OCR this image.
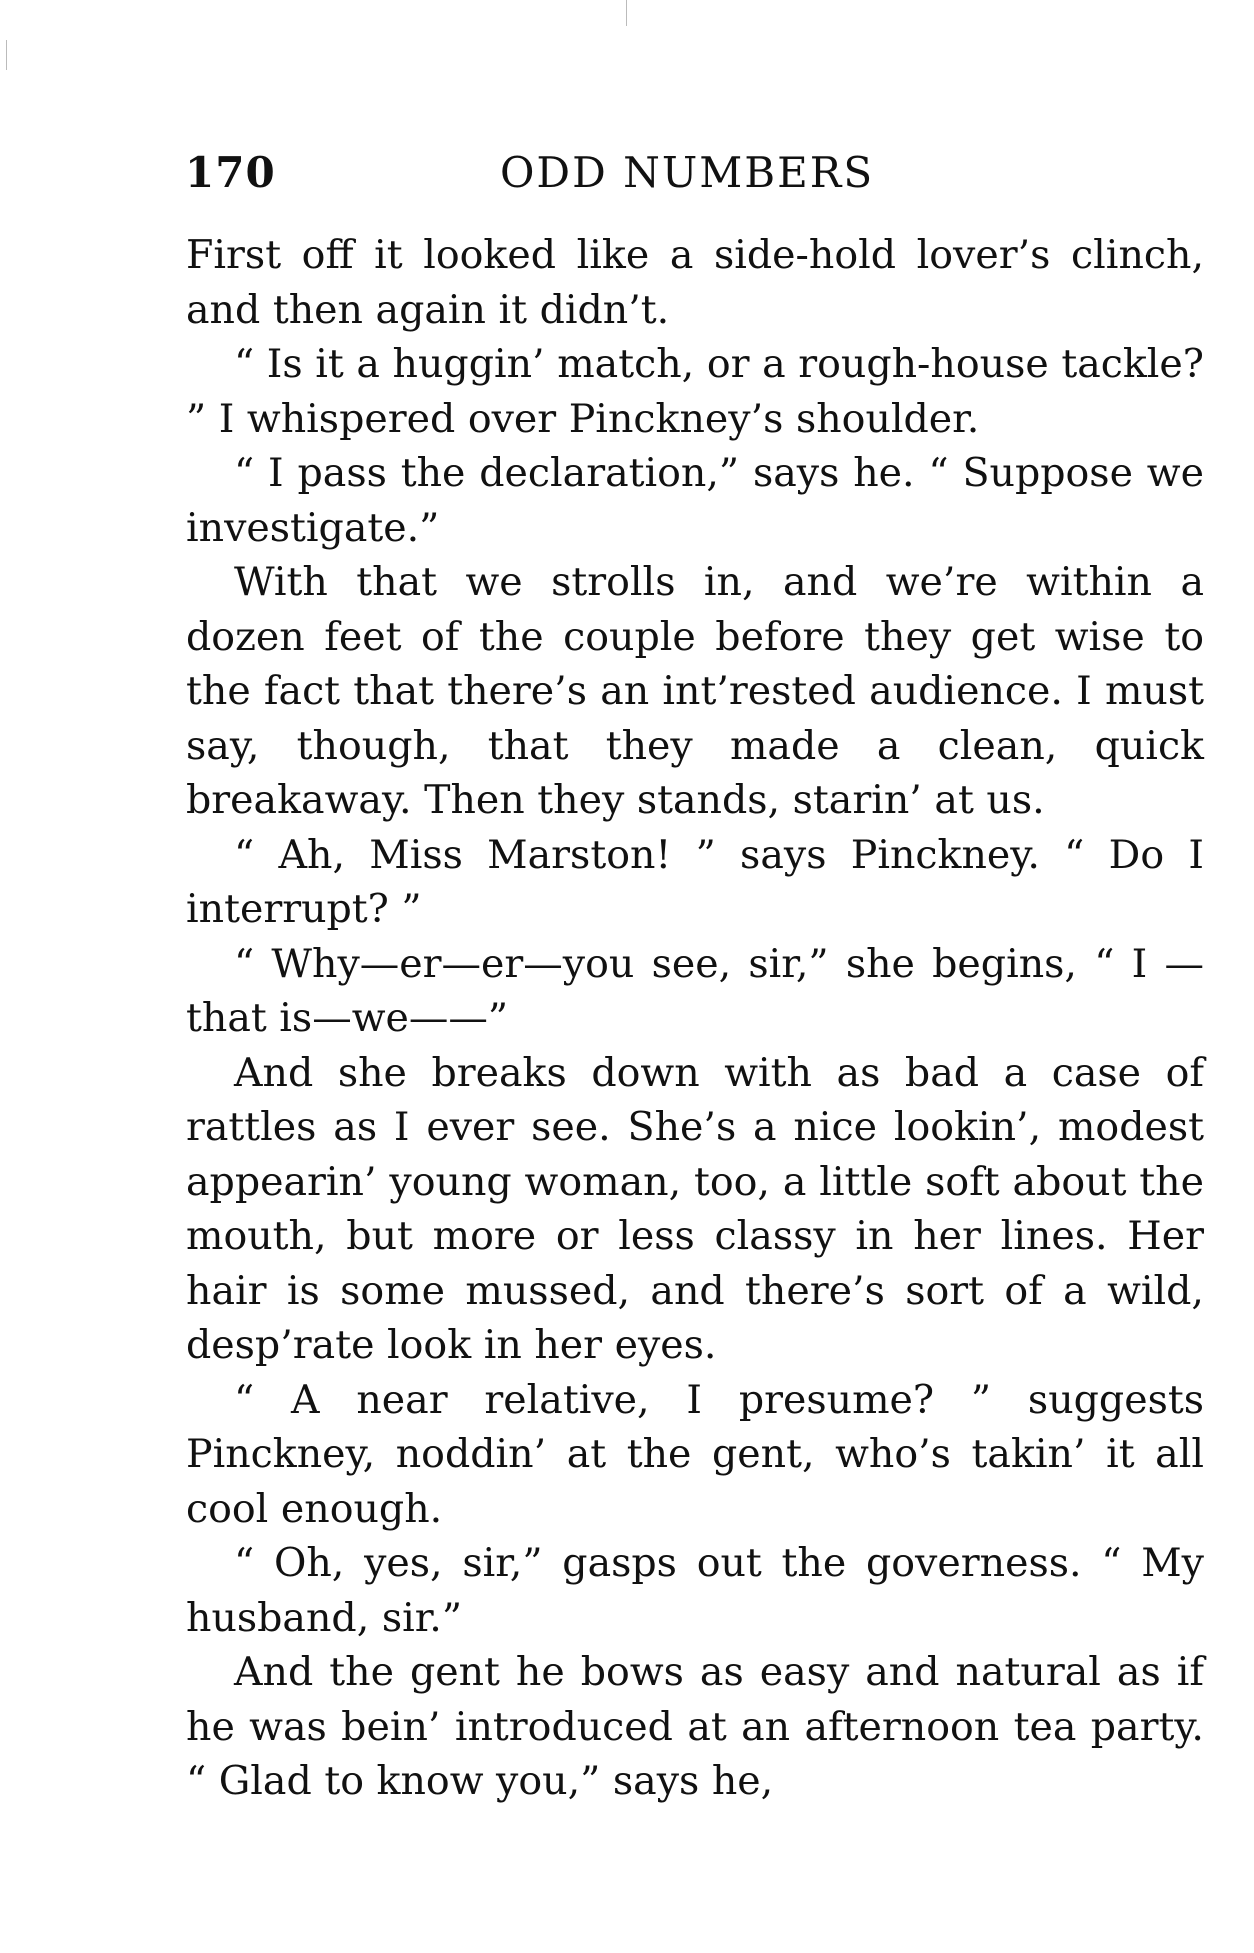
170	ODD NUMBERS

First off it looked like a side-hold lover’s clinch, and then again it didn’t.

“ Is it a huggin’ match, or a rough-house tackle? ” I whispered over Pinckney’s shoulder.

“ I pass the declaration,” says he. “ Suppose we investigate.”

With that we strolls in, and we’re within a dozen feet of the couple before they get wise to the fact that there’s an int’rested audience. I must say, though, that they made a clean, quick breakaway. Then they stands, starin’ at us.

“ Ah, Miss Marston! ” says Pinckney. “ Do I interrupt? ”

“ Why—er—er—you see, sir,” she begins, “ I —that is—we——”

And she breaks down with as bad a case of rattles as I ever see. She’s a nice lookin’, modest appearin’ young woman, too, a little soft about the mouth, but more or less classy in her lines. Her hair is some mussed, and there’s sort of a wild, desp’rate look in her eyes.

“ A near relative, I presume? ” suggests Pinckney, noddin’ at the gent, who’s takin’ it all cool enough.

“ Oh, yes, sir,” gasps out the governess. “ My husband, sir.”

And the gent he bows as easy and natural as if he was bein’ introduced at an afternoon tea party. “ Glad to know you,” says he,
